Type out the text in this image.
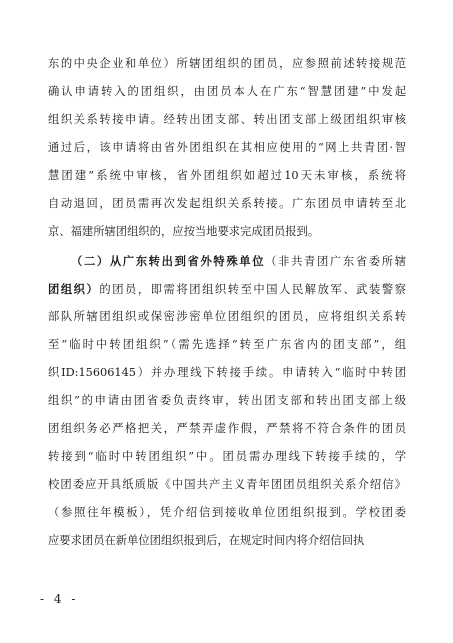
东的中央企业和单位）所辖团组织的团员，应参照前述转接规范
确认申请转入的团组织，由团员本人在广东“智慧团建”中发起
组织关系转接申请。经转出团支部、转出团支部上级团组织审核
通过后，该申请将由省外团组织在其相应使用的“网上共青团·智
慧团建”系统中审核，省外团组织如超过10天未审核，系统将
自动退回，团员需再次发起组织关系转接。广东团员申请转至北
京、福建所辖团组织的，应按当地要求完成团员报到。
（二）从广东转出到省外特殊单位（非共青团广东省委所辖
团组织）的团员，即需将团组织转至中国人民解放军、武装警察
部队所辖团组织或保密涉密单位团组织的团员，应将组织关系转
至“临时中转团组织”（需先选择“转至广东省内的团支部”，组
织ID:15606145）并办理线下转接手续。申请转入“临时中转团
组织”的申请由团省委负责终审，转出团支部和转出团支部上级
团组织务必严格把关，严禁弄虚作假，严禁将不符合条件的团员
转接到“临时中转团组织”中。团员需办理线下转接手续的，学
校团委应开具纸质版《中国共产主义青年团团员组织关系介绍信》
（参照往年模板），凭介绍信到接收单位团组织报到。学校团委
应要求团员在新单位团组织报到后，在规定时间内将介绍信回执
- 4 -
